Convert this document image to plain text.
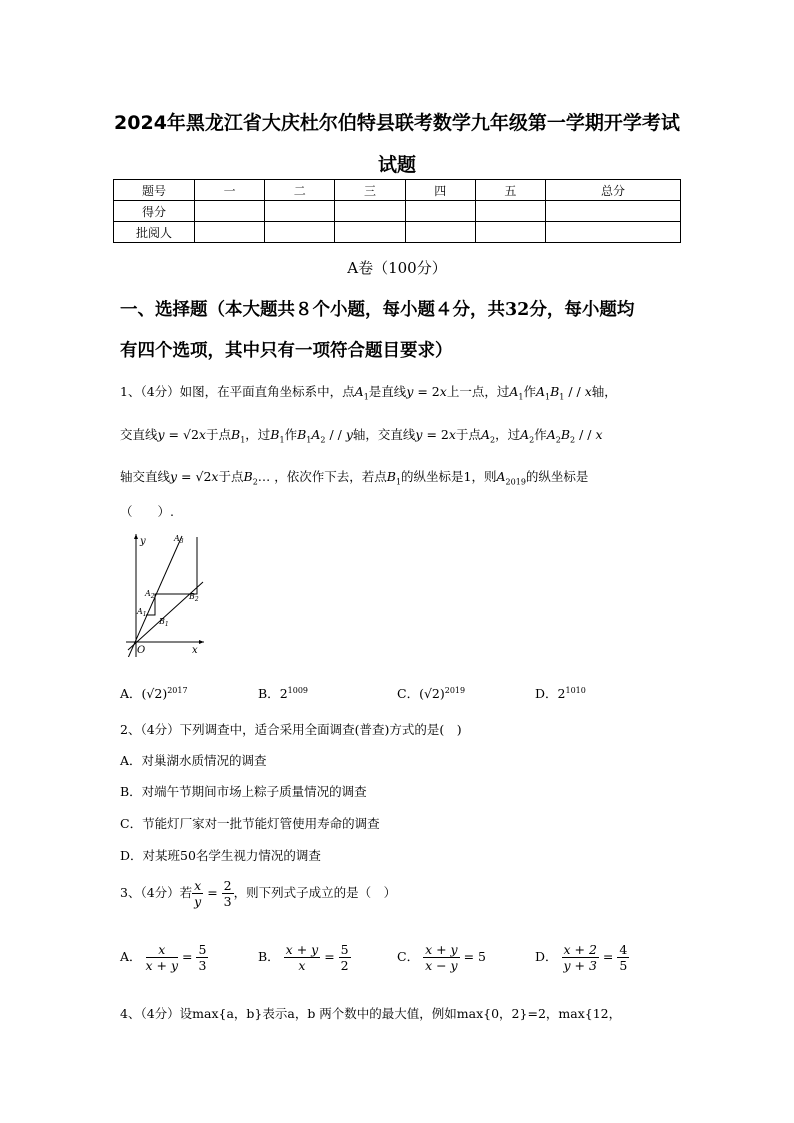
2024年黑龙江省大庆杜尔伯特县联考数学九年级第一学期开学考试
试题
题号	一	二	三	四	五	总分
得分						
批阅人						
A卷（100分）
一、选择题（本大题共８个小题，每小题４分，共32分，每小题均
有四个选项，其中只有一项符合题目要求）
1、（4分）如图，在平面直角坐标系中，点$A_1$是直线y = 2x上一点，过$A_1$作$A_1B_1$ / / x轴，
交直线y = √2x于点$B_1$，过$B_1$作$B_1A_2$ / / y轴，交直线y = 2x于点$A_2$，过$A_2$作$A_2B_2$ / / x
轴交直线y = √2x于点$B_2\dots$ ，依次作下去，若点$B_1$的纵坐标是1，则$A_{2019}$的纵坐标是
（　　）.
y
x
O
$A_3$
$A_2$
$A_1$
$B_1$
$B_2$
A．$(√2)^{2017}$	B．$2^{1009}$	C．$(√2)^{2019}$	D．$2^{1010}$
2、（4分）下列调查中，适合采用全面调查(普查)方式的是(　)
A．对巢湖水质情况的调查
B．对端午节期间市场上粽子质量情况的调查
C．节能灯厂家对一批节能灯管使用寿命的调查
D．对某班50名学生视力情况的调查
3、（4分）若 $\frac{x}{y} = \frac{2}{3}$ ，则下列式子成立的是（　）
A． $\frac{x}{x + y} = \frac{5}{3}$	B． $\frac{x + y}{x} = \frac{5}{2}$	C． $\frac{x + y}{x - y} = 5$	D． $\frac{x + 2}{y + 3} = \frac{4}{5}$
4、（4分）设max{a，b}表示a，b 两个数中的最大值，例如max{0，2}=2，max{12，
